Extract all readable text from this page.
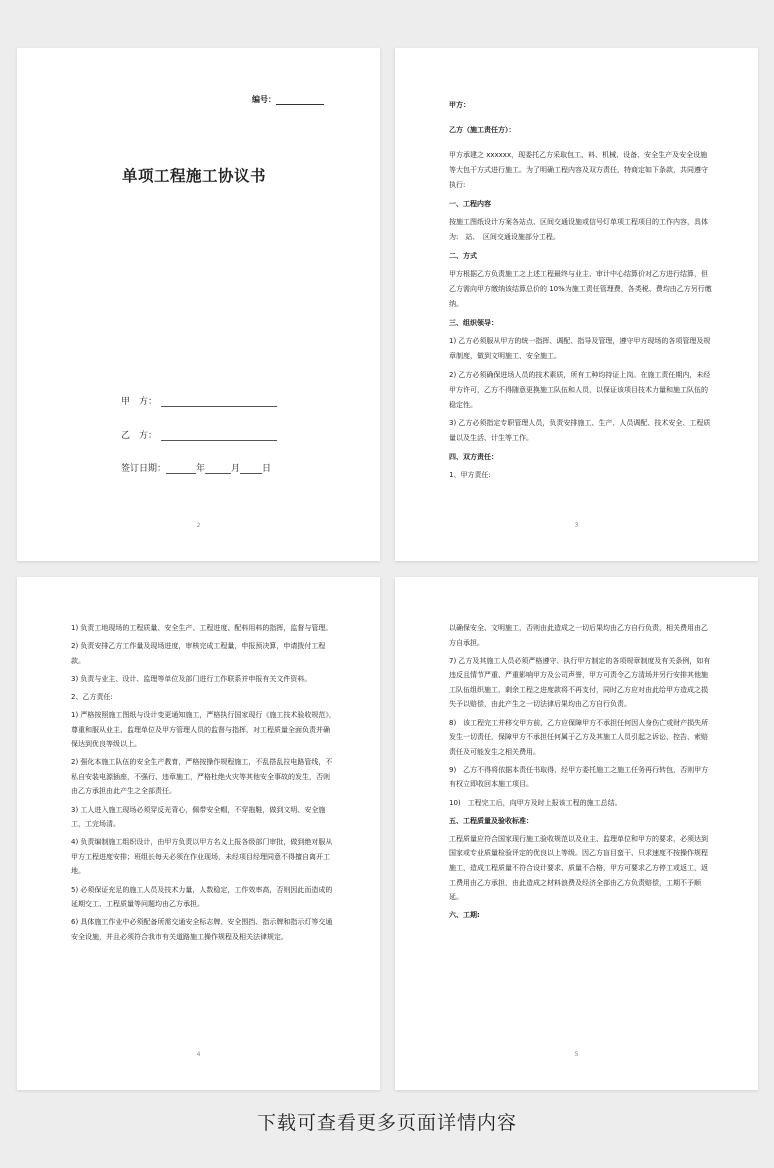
编号：
单项工程施工协议书
甲　方：
乙　方：
签订日期：	年	月 日
2

甲方：

乙方（施工责任方）：

甲方承建之 xxxxxx，现委托乙方采取包工、料、机械、设备、安全生产及安全设施等大包干方式进行施工。为了明确工程内容及双方责任，特商定如下条款，共同遵守执行:

一、工程内容

按施工图纸设计方案各站点、区间交通设施或信号灯单项工程项目的工作内容，具体为:　站、　区间交通设施部分工程。

二、方式

甲方根据乙方负责施工之上述工程最终与业主、审计中心结算价对乙方进行结算，但乙方需向甲方缴纳该结算总价的 10%为施工责任管理费，各类税、费均由乙方另行缴纳。

三、组织领导：

1) 乙方必须服从甲方的统一指挥、调配、指导及管理，遵守甲方现场的各项管理及规章制度，做到文明施工、安全施工。

2) 乙方必须确保进场人员的技术素质，所有工种均持证上岗。在施工责任期内，未经甲方许可，乙方不得随意更换施工队伍和人员，以保证该项目技术力量和施工队伍的稳定性。

3) 乙方必须指定专职管理人员，负责安排施工、生产、人员调配、技术安全、工程质量以及生活、计生等工作。

四、双方责任：

1、甲方责任:

3

1) 负责工地现场的工程质量、安全生产、工程进度、配料用料的指挥，监督与管理。

2) 负责安排乙方工作量及现场进度，审核完成工程量，申报预决算，申请拨付工程款。

3) 负责与业主、设计、监理等单位及部门进行工作联系并申报有关文件资料。

2、乙方责任:

1) 严格按照施工图纸与设计变更通知施工，严格执行国家现行《施工技术验收规范》，尊重和服从业主、监理单位及甲方管理人员的监督与指挥，对工程质量全面负责并确保达到优良等级以上。

2) 强化本施工队伍的安全生产教育，严格按操作规程施工，不乱搭乱拉电路管线，不私自安装电源插座，不强行、违章施工，严格杜绝火灾等其他安全事故的发生，否则由乙方承担由此产生之全部责任。

3) 工人进入施工现场必须穿反光背心，佩带安全帽，不穿拖鞋，做到文明、安全施工，工完场清。

4) 负责编制施工组织设计，由甲方负责以甲方名义上报各级部门审批，做到绝对服从甲方工程进度安排；班组长每天必须在作业现场，未经项目经理同意不得擅自离开工地。

5) 必须保证充足的施工人员及技术力量，人数稳定，工作效率高，否则因此而造成的延期交工、工程质量等问题均由乙方承担。

6) 具体施工作业中必须配备所需交通安全标志牌、安全围挡、指示牌和指示灯等交通安全设施，并且必须符合我市有关道路施工操作规程及相关法律规定,

4

以确保安全、文明施工，否则由此造成之一切后果均由乙方自行负责，相关费用由乙方自承担。

7) 乙方及其施工人员必须严格遵守、执行甲方制定的各项规章制度及有关条例，如有违反且情节严重、严重影响甲方及公司声誉，甲方可责令乙方清场并另行安排其他施工队伍组织施工，剩余工程之进度款将不再支付，同时乙方应对由此给甲方造成之损失予以赔偿，由此产生之一切法律后果均由乙方自行负责。

8)　该工程完工并移交甲方前，乙方应保障甲方不承担任何因人身伤亡或财产损失所发生一切责任，保障甲方不承担任何属于乙方及其施工人员引起之诉讼、控告、索赔责任及可能发生之相关费用。

9)　乙方不得将依据本责任书取得、经甲方委托施工之施工任务再行转包，否则甲方有权立即收回本施工项目。

10)　工程完工后，向甲方及时上报该工程的施工总结。

五、工程质量及验收标准：

工程质量应符合国家现行施工验收规范以及业主、监理单位和甲方的要求，必须达到国家或专业质量检验评定的优良以上等级。因乙方盲目蛮干、只求速度不按操作规程施工，造成工程质量不符合设计要求、质量不合格，甲方可要求乙方停工或返工，返工费用由乙方承担，由此造成之材料浪费及经济全部由乙方负责赔偿，工期不予顺延。

六、工期:

5
下载可查看更多页面详情内容
